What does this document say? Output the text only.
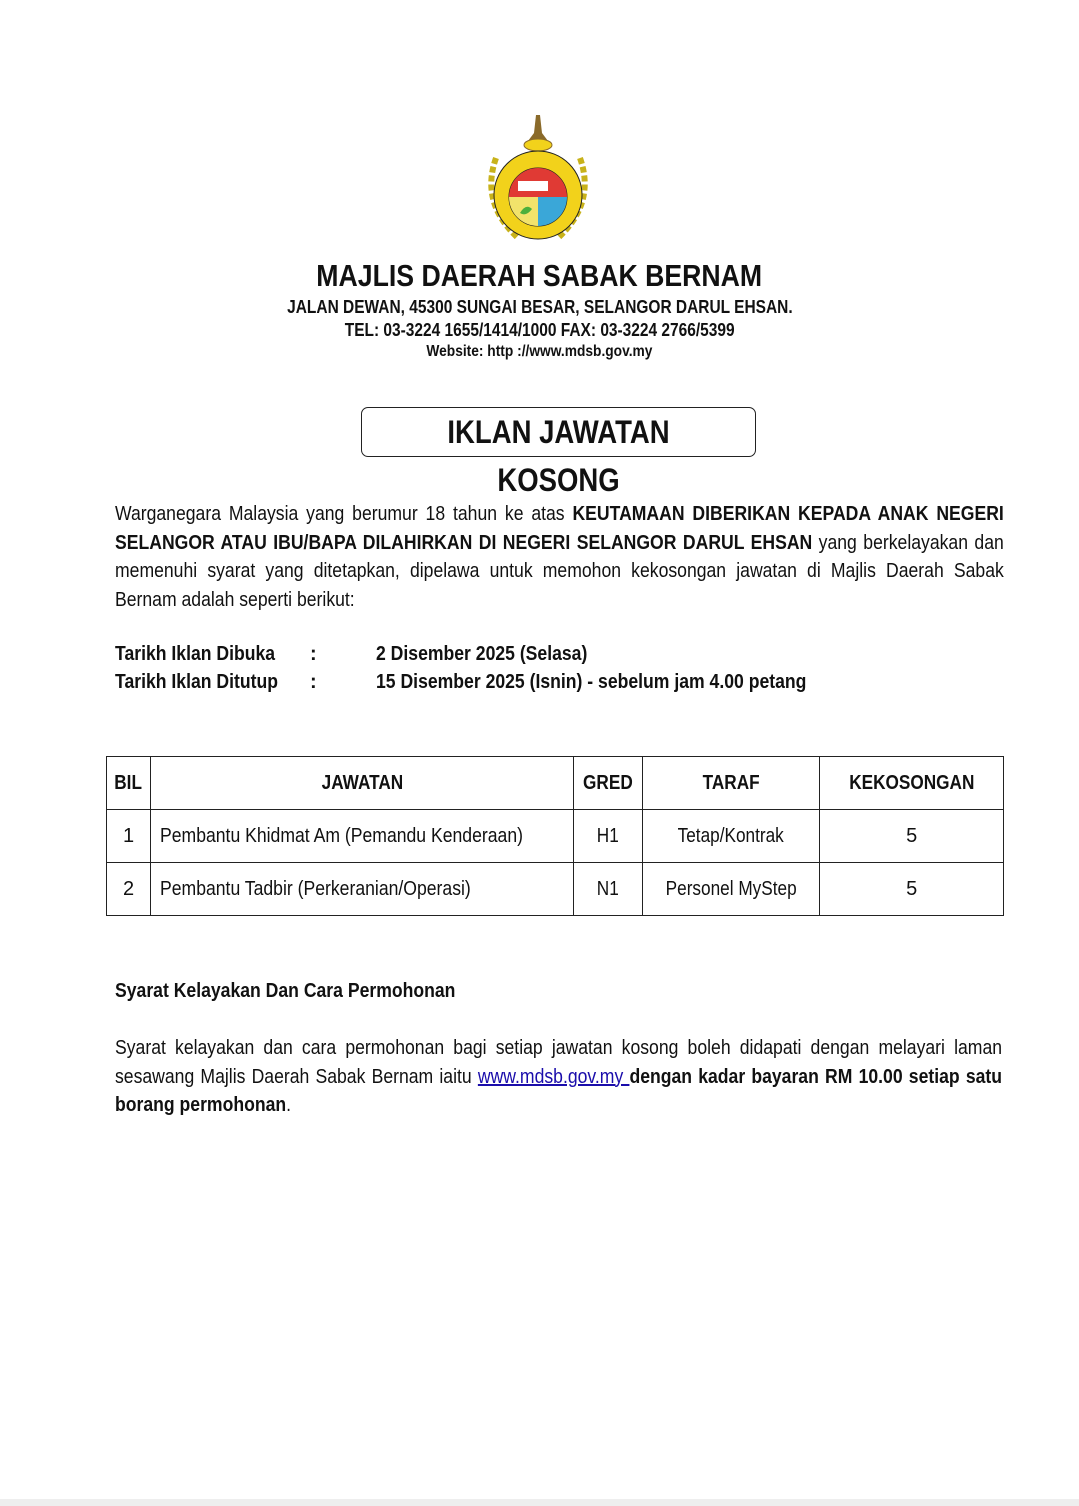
MAJLIS DAERAH SABAK BERNAM
JALAN DEWAN, 45300 SUNGAI BESAR, SELANGOR DARUL EHSAN.
TEL: 03-3224 1655/1414/1000 FAX: 03-3224 2766/5399
Website: http ://www.mdsb.gov.my
IKLAN JAWATAN KOSONG
Warganegara Malaysia yang berumur 18 tahun ke atas KEUTAMAAN DIBERIKAN KEPADA ANAK NEGERI SELANGOR ATAU IBU/BAPA DILAHIRKAN DI NEGERI SELANGOR DARUL EHSAN yang berkelayakan dan memenuhi syarat yang ditetapkan, dipelawa untuk memohon kekosongan jawatan di Majlis Daerah Sabak Bernam adalah seperti berikut:
Tarikh Iklan Dibuka :	2 Disember 2025 (Selasa)
Tarikh Iklan Ditutup :	15 Disember 2025 (Isnin) - sebelum jam 4.00 petang
BIL	JAWATAN	GRED	TARAF	KEKOSONGAN
1	Pembantu Khidmat Am (Pemandu Kenderaan)	H1	Tetap/Kontrak	5
2	Pembantu Tadbir (Perkeranian/Operasi)	N1	Personel MyStep	5
Syarat Kelayakan Dan Cara Permohonan
Syarat kelayakan dan cara permohonan bagi setiap jawatan kosong boleh didapati dengan melayari laman sesawang Majlis Daerah Sabak Bernam iaitu www.mdsb.gov.my dengan kadar bayaran RM 10.00 setiap satu borang permohonan.
